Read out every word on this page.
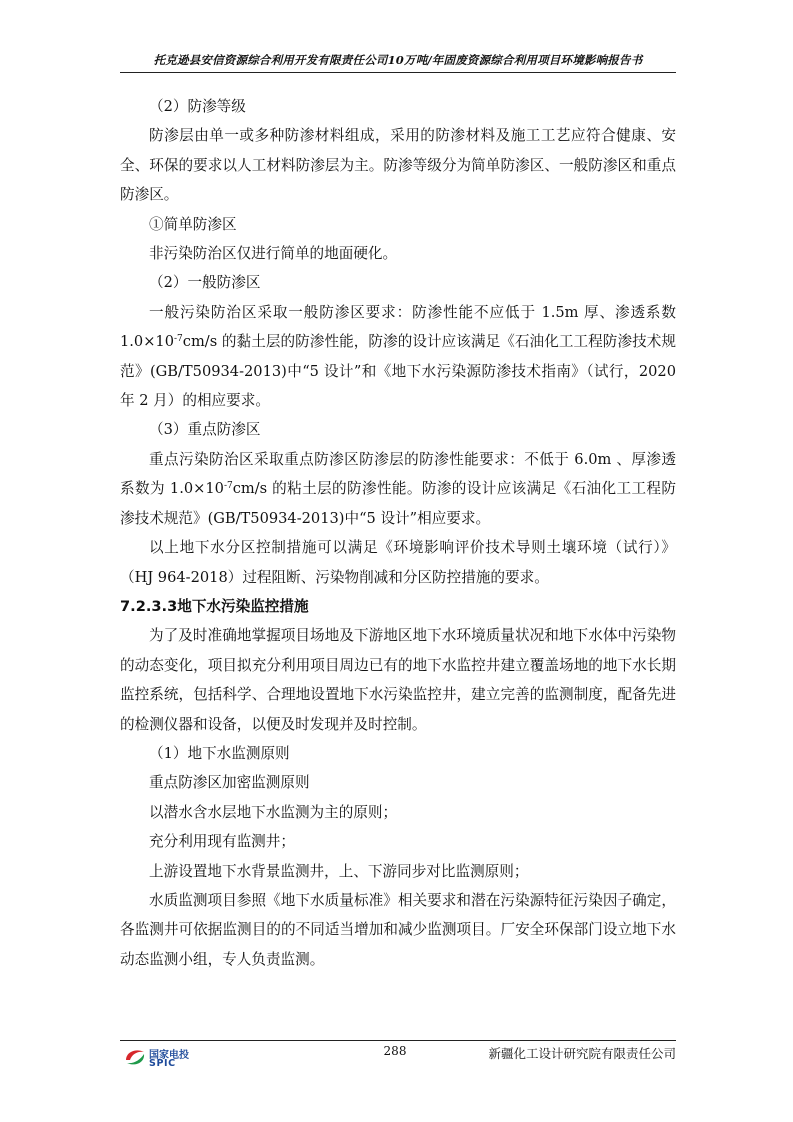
托克逊县安信资源综合利用开发有限责任公司10万吨/年固废资源综合利用项目环境影响报告书

（2）防渗等级

防渗层由单一或多种防渗材料组成，采用的防渗材料及施工工艺应符合健康、安全、环保的要求以人工材料防渗层为主。防渗等级分为简单防渗区、一般防渗区和重点防渗区。

①简单防渗区

非污染防治区仅进行简单的地面硬化。

（2）一般防渗区

一般污染防治区采取一般防渗区要求：防渗性能不应低于 1.5m 厚、渗透系数 $1.0\times 10^{-7}cm/s$ 的黏土层的防渗性能，防渗的设计应该满足《石油化工工程防渗技术规范》(GB/T50934-2013)中“5 设计”和《地下水污染源防渗技术指南》（试行，2020 年 2 月）的相应要求。

（3）重点防渗区

重点污染防治区采取重点防渗区防渗层的防渗性能要求：不低于 6.0m 、厚渗透系数为 $1.0\times 10^{-7}cm/s$ 的粘土层的防渗性能。防渗的设计应该满足《石油化工工程防渗技术规范》(GB/T50934-2013)中“5 设计”相应要求。

以上地下水分区控制措施可以满足《环境影响评价技术导则土壤环境（试行）》（HJ 964-2018）过程阻断、污染物削减和分区防控措施的要求。

7.2.3.3地下水污染监控措施

为了及时准确地掌握项目场地及下游地区地下水环境质量状况和地下水体中污染物的动态变化，项目拟充分利用项目周边已有的地下水监控井建立覆盖场地的地下水长期监控系统，包括科学、合理地设置地下水污染监控井，建立完善的监测制度，配备先进的检测仪器和设备，以便及时发现并及时控制。

（1）地下水监测原则

重点防渗区加密监测原则

以潜水含水层地下水监测为主的原则；

充分利用现有监测井；

上游设置地下水背景监测井，上、下游同步对比监测原则；

水质监测项目参照《地下水质量标准》相关要求和潜在污染源特征污染因子确定，各监测井可依据监测目的的不同适当增加和减少监测项目。厂安全环保部门设立地下水动态监测小组，专人负责监测。

国家电投
SPIC
288	新疆化工设计研究院有限责任公司
